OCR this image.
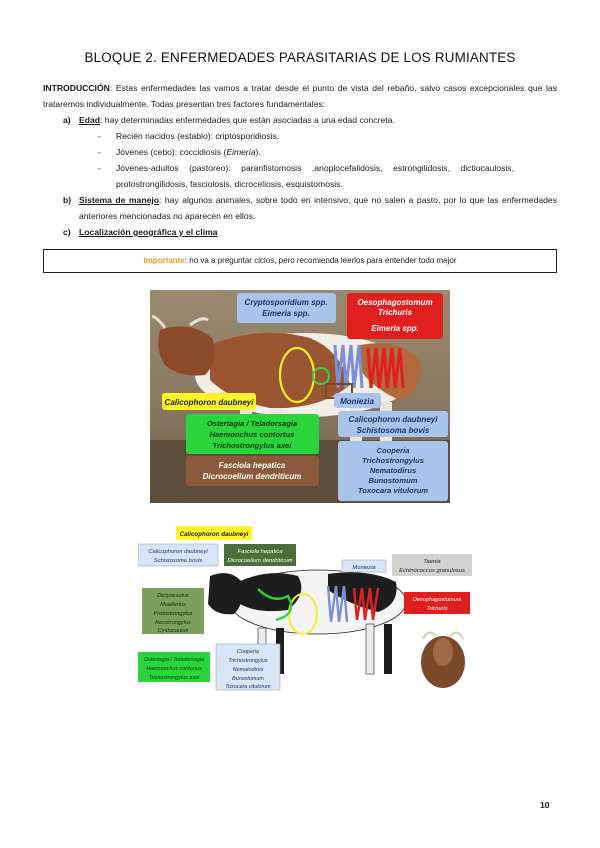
BLOQUE 2. ENFERMEDADES PARASITARIAS DE LOS RUMIANTES
INTRODUCCIÓN: Estas enfermedades las vamos a tratar desde el punto de vista del rebaño, salvo casos excepcionales que las trataremos individualmente. Todas presentan tres factores fundamentales:
a) Edad: hay determinadas enfermedades que están asociadas a una edad concreta.
- Recién nacidos (establo): criptosporidiosis.
- Jóvenes (cebo): coccidiosis (Eimeria).
- Jóvenes-adultos (pastoreo): paranfistomosis ,anoplocefalidosis, estrongilidosis, dictiocaulosis, protostrongilidosis, fasciolosis, dicroceliosis, esquistomosis.
b) Sistema de manejo: hay algunos animales, sobre todo en intensivo, que no salen a pasto, por lo que las enfermedades anteriores mencionadas no aparecen en ellos.
c) Localización geográfica y el clima
Importante: no va a preguntar ciclos, pero recomienda leerlos para entender todo mejor
Cryptosporidium spp.
Eimeria spp.
Oesophagostomum
Trichuris
Eimeria spp.
Calicophoron daubneyi	Moniezia
Ostertagia / Teladorsagia
Haemonchus contortus
Trichostrongylus axei
Calicophoron daubneyi
Schistosoma bovis
Fasciola hepatica
Dicrocoelium dendriticum
Cooperia
Trichostrongylus
Nematodirus
Bunostomum
Toxocara vitulorum
Calicophoron daubneyi
Calicophoron daubneyi
Schistosoma bovis
Fasciola hepatica
Dicrocoelium dendriticum
Moniezia
Taenia
Echinococcus granulosus
Dictyocaulus
Muellerius
Protostrongylus
Neostrongylus
Cystocaulus
Oesophagostomum
Trichuris
Ostertagia / Teladorsagia
Haemonchus contortus
Trichostrongylus axei
Cooperia
Trichostrongylus
Nematodirus
Bunostomum
Toxocara vitulorum
10
